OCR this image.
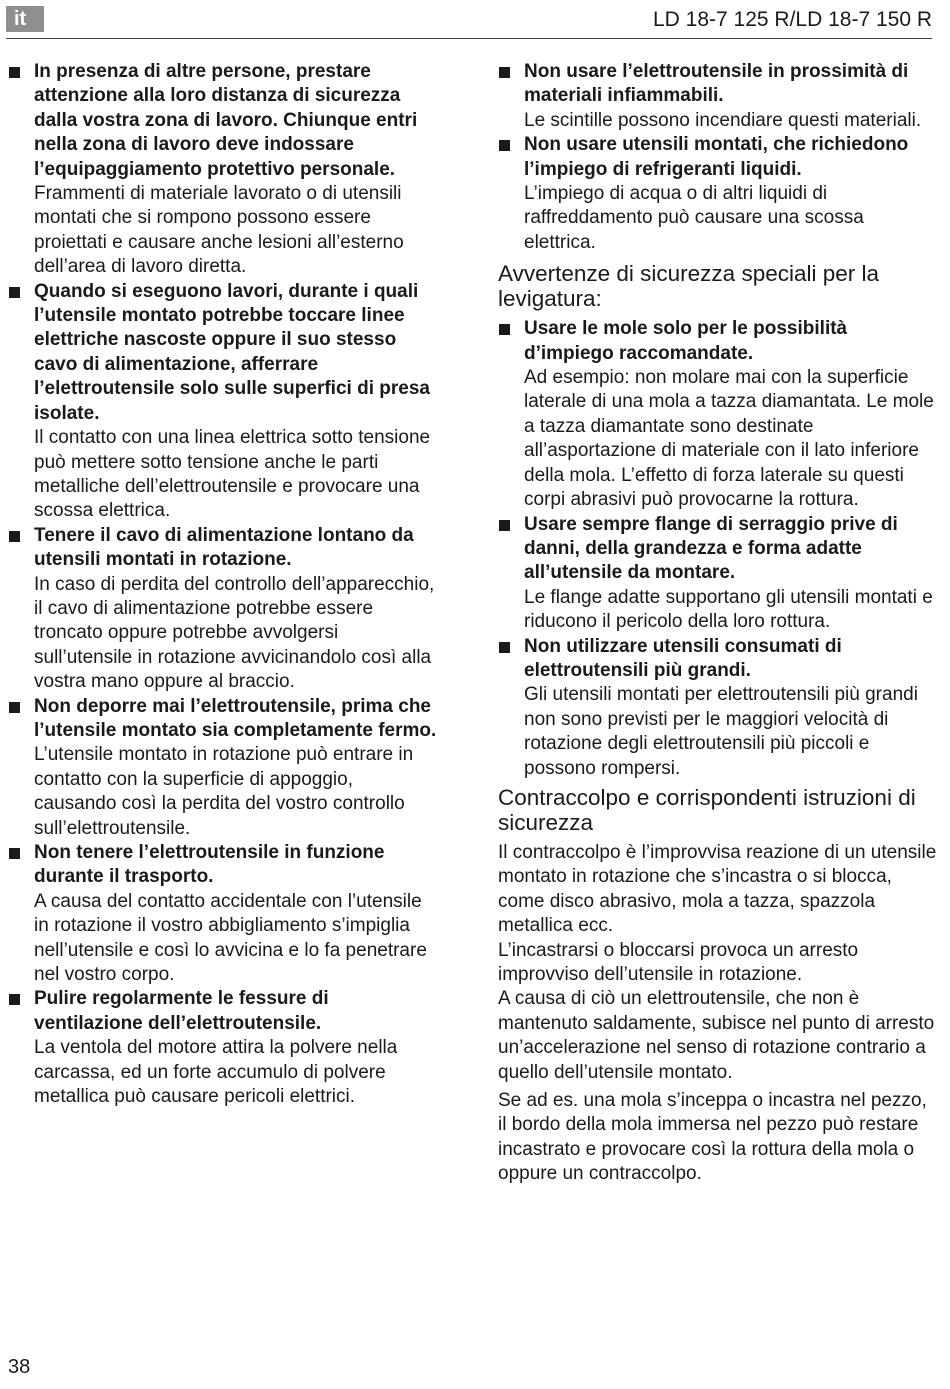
it	LD 18-7 125 R/LD 18-7 150 R
In presenza di altre persone, prestare attenzione alla loro distanza di sicurezza dalla vostra zona di lavoro. Chiunque entri nella zona di lavoro deve indossare l’equipaggiamento protettivo personale.
Frammenti di materiale lavorato o di utensili montati che si rompono possono essere proiettati e causare anche lesioni all’esterno dell’area di lavoro diretta.
Quando si eseguono lavori, durante i quali l’utensile montato potrebbe toccare linee elettriche nascoste oppure il suo stesso cavo di alimentazione, afferrare l’elettroutensile solo sulle superfici di presa isolate.
Il contatto con una linea elettrica sotto tensione può mettere sotto tensione anche le parti metalliche dell’elettroutensile e provocare una scossa elettrica.
Tenere il cavo di alimentazione lontano da utensili montati in rotazione.
In caso di perdita del controllo dell’apparecchio, il cavo di alimentazione potrebbe essere troncato oppure potrebbe avvolgersi sull’utensile in rotazione avvicinandolo così alla vostra mano oppure al braccio.
Non deporre mai l’elettroutensile, prima che l’utensile montato sia completamente fermo.
L’utensile montato in rotazione può entrare in contatto con la superficie di appoggio, causando così la perdita del vostro controllo sull’elettroutensile.
Non tenere l’elettroutensile in funzione durante il trasporto.
A causa del contatto accidentale con l’utensile in rotazione il vostro abbigliamento s’impiglia nell’utensile e così lo avvicina e lo fa penetrare nel vostro corpo.
Pulire regolarmente le fessure di ventilazione dell’elettroutensile.
La ventola del motore attira la polvere nella carcassa, ed un forte accumulo di polvere metallica può causare pericoli elettrici.
Non usare l’elettroutensile in prossimità di materiali infiammabili.
Le scintille possono incendiare questi materiali.
Non usare utensili montati, che richiedono l’impiego di refrigeranti liquidi.
L’impiego di acqua o di altri liquidi di raffreddamento può causare una scossa elettrica.
Avvertenze di sicurezza speciali per la levigatura:
Usare le mole solo per le possibilità d’impiego raccomandate.
Ad esempio: non molare mai con la superficie laterale di una mola a tazza diamantata. Le mole a tazza diamantate sono destinate all’asportazione di materiale con il lato inferiore della mola. L’effetto di forza laterale su questi corpi abrasivi può provocarne la rottura.
Usare sempre flange di serraggio prive di danni, della grandezza e forma adatte all’utensile da montare.
Le flange adatte supportano gli utensili montati e riducono il pericolo della loro rottura.
Non utilizzare utensili consumati di elettroutensili più grandi.
Gli utensili montati per elettroutensili più grandi non sono previsti per le maggiori velocità di rotazione degli elettroutensili più piccoli e possono rompersi.
Contraccolpo e corrispondenti istruzioni di sicurezza
Il contraccolpo è l’improvvisa reazione di un utensile montato in rotazione che s’incastra o si blocca, come disco abrasivo, mola a tazza, spazzola metallica ecc.
L’incastrarsi o bloccarsi provoca un arresto improvviso dell’utensile in rotazione.
A causa di ciò un elettroutensile, che non è mantenuto saldamente, subisce nel punto di arresto un’accelerazione nel senso di rotazione contrario a quello dell’utensile montato.
Se ad es. una mola s’inceppa o incastra nel pezzo, il bordo della mola immersa nel pezzo può restare incastrato e provocare così la rottura della mola o oppure un contraccolpo.
38
